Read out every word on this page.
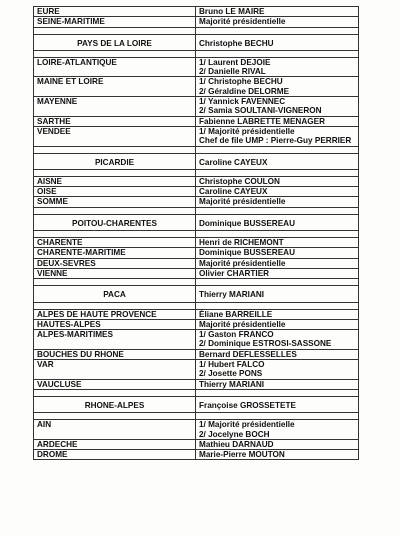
EURE	Bruno LE MAIRE

SEINE-MARITIME	Majorité présidentielle

PAYS DE LA LOIRE	Christophe BECHU

LOIRE-ATLANTIQUE	1/ Laurent DEJOIE
2/ Danielle RIVAL

MAINE ET LOIRE	1/ Christophe BECHU
2/ Géraldine DELORME

MAYENNE	1/ Yannick FAVENNEC
2/ Samia SOULTANI-VIGNERON

SARTHE	Fabienne LABRETTE MENAGER

VENDEE	1/ Majorité présidentielle
Chef de file UMP : Pierre-Guy PERRIER

PICARDIE	Caroline CAYEUX

AISNE	Christophe COULON

OISE	Caroline CAYEUX

SOMME	Majorité présidentielle

POITOU-CHARENTES	Dominique BUSSEREAU

CHARENTE	Henri de RICHEMONT

CHARENTE-MARITIME	Dominique BUSSEREAU

DEUX-SEVRES	Majorité présidentielle

VIENNE	Olivier CHARTIER

PACA	Thierry MARIANI

ALPES DE HAUTE PROVENCE	Éliane BARREILLE

HAUTES-ALPES	Majorité présidentielle

ALPES-MARITIMES	1/ Gaston FRANCO
2/ Dominique ESTROSI-SASSONE

BOUCHES DU RHONE	Bernard DEFLESSELLES

VAR	1/ Hubert FALCO
2/ Josette PONS

VAUCLUSE	Thierry MARIANI

RHONE-ALPES	Françoise GROSSETETE

AIN	1/ Majorité présidentielle
2/ Jocelyne BOCH

ARDECHE	Mathieu DARNAUD

DROME	Marie-Pierre MOUTON
